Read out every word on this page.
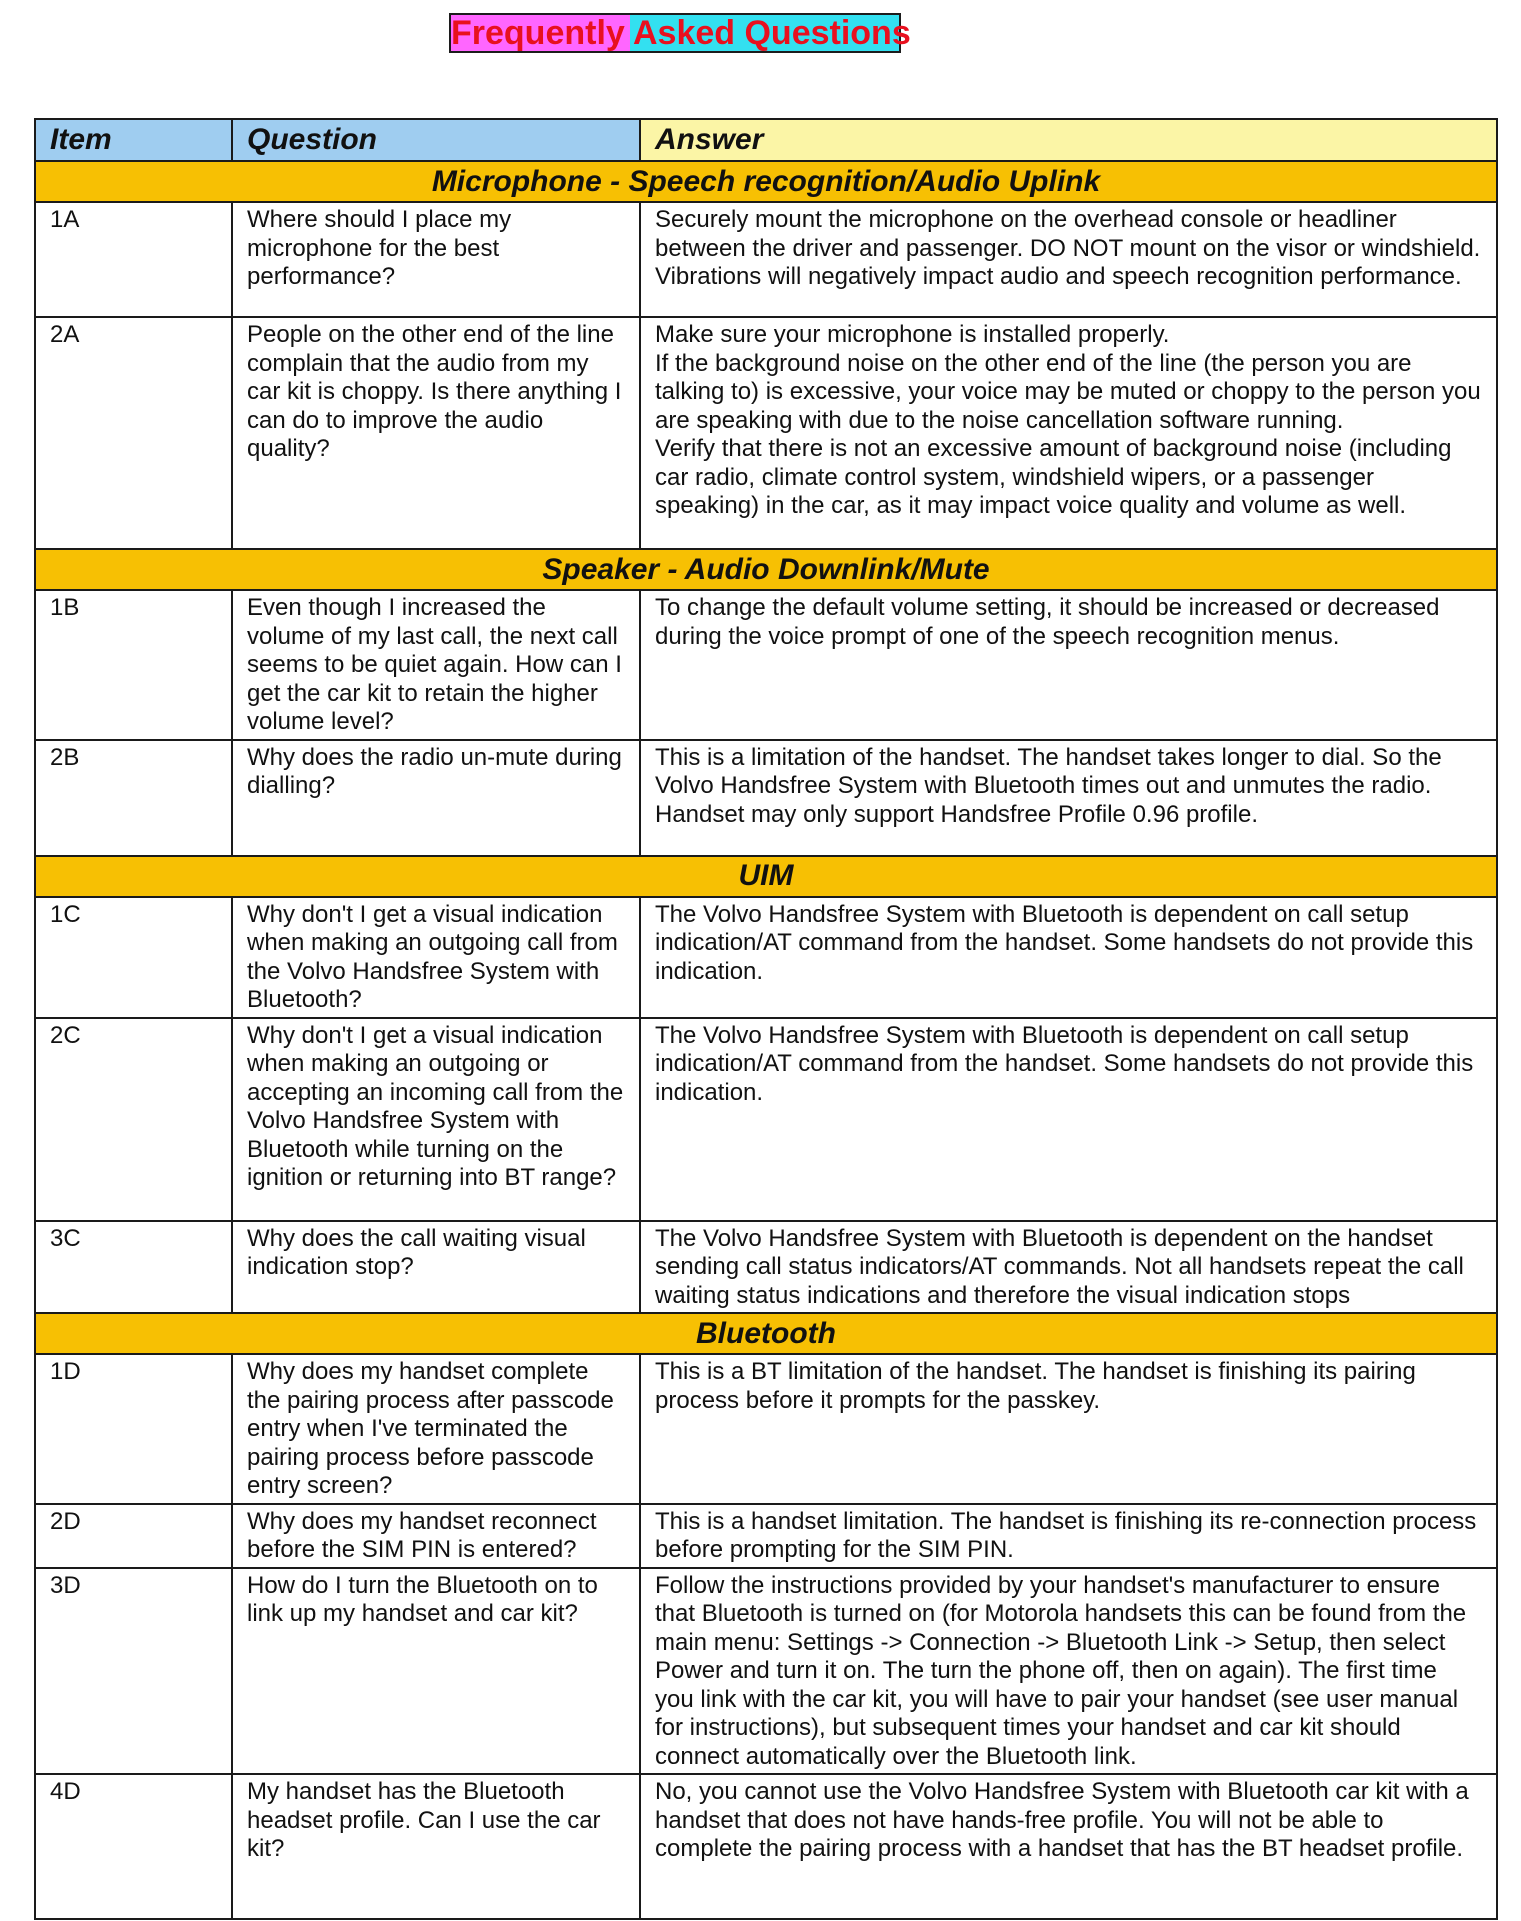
Frequently Asked Questions
Item	Question	Answer
Microphone - Speech recognition/Audio Uplink		
1A	Where should I place my microphone for the best performance?	Securely mount the microphone on the overhead console or headliner between the driver and passenger. DO NOT mount on the visor or windshield. Vibrations will negatively impact audio and speech recognition performance.

2A	People on the other end of the line complain that the audio from my car kit is choppy. Is there anything I can do to improve the audio quality?	Make sure your microphone is installed properly.
If the background noise on the other end of the line (the person you are talking to) is excessive, your voice may be muted or choppy to the person you are speaking with due to the noise cancellation software running.
Verify that there is not an excessive amount of background noise (including car radio, climate control system, windshield wipers, or a passenger speaking) in the car, as it may impact voice quality and volume as well.

Speaker - Audio Downlink/Mute		
1B	Even though I increased the volume of my last call, the next call seems to be quiet again. How can I get the car kit to retain the higher volume level?	To change the default volume setting, it should be increased or decreased during the voice prompt of one of the speech recognition menus.

2B	Why does the radio un-mute during dialling?	This is a limitation of the handset. The handset takes longer to dial. So the Volvo Handsfree System with Bluetooth times out and unmutes the radio.
Handset may only support Handsfree Profile 0.96 profile.

UIM		
1C	Why don't I get a visual indication when making an outgoing call from the Volvo Handsfree System with Bluetooth?	The Volvo Handsfree System with Bluetooth is dependent on call setup indication/AT command from the handset. Some handsets do not provide this indication.

2C	Why don't I get a visual indication when making an outgoing or accepting an incoming call from the Volvo Handsfree System with Bluetooth while turning on the ignition or returning into BT range?	The Volvo Handsfree System with Bluetooth is dependent on call setup indication/AT command from the handset. Some handsets do not provide this indication.

3C	Why does the call waiting visual indication stop?	The Volvo Handsfree System with Bluetooth is dependent on the handset sending call status indicators/AT commands. Not all handsets repeat the call waiting status indications and therefore the visual indication stops

Bluetooth		
1D	Why does my handset complete the pairing process after passcode entry when I've terminated the pairing process before passcode entry screen?	This is a BT limitation of the handset. The handset is finishing its pairing process before it prompts for the passkey.

2D	Why does my handset reconnect before the SIM PIN is entered?	This is a handset limitation. The handset is finishing its re-connection process before prompting for the SIM PIN.

3D	How do I turn the Bluetooth on to link up my handset and car kit?	Follow the instructions provided by your handset's manufacturer to ensure that Bluetooth is turned on (for Motorola handsets this can be found from the main menu: Settings -> Connection -> Bluetooth Link -> Setup, then select Power and turn it on. The turn the phone off, then on again). The first time you link with the car kit, you will have to pair your handset (see user manual for instructions), but subsequent times your handset and car kit should connect automatically over the Bluetooth link.

4D	My handset has the Bluetooth headset profile. Can I use the car kit?	No, you cannot use the Volvo Handsfree System with Bluetooth car kit with a handset that does not have hands-free profile. You will not be able to complete the pairing process with a handset that has the BT headset profile.
